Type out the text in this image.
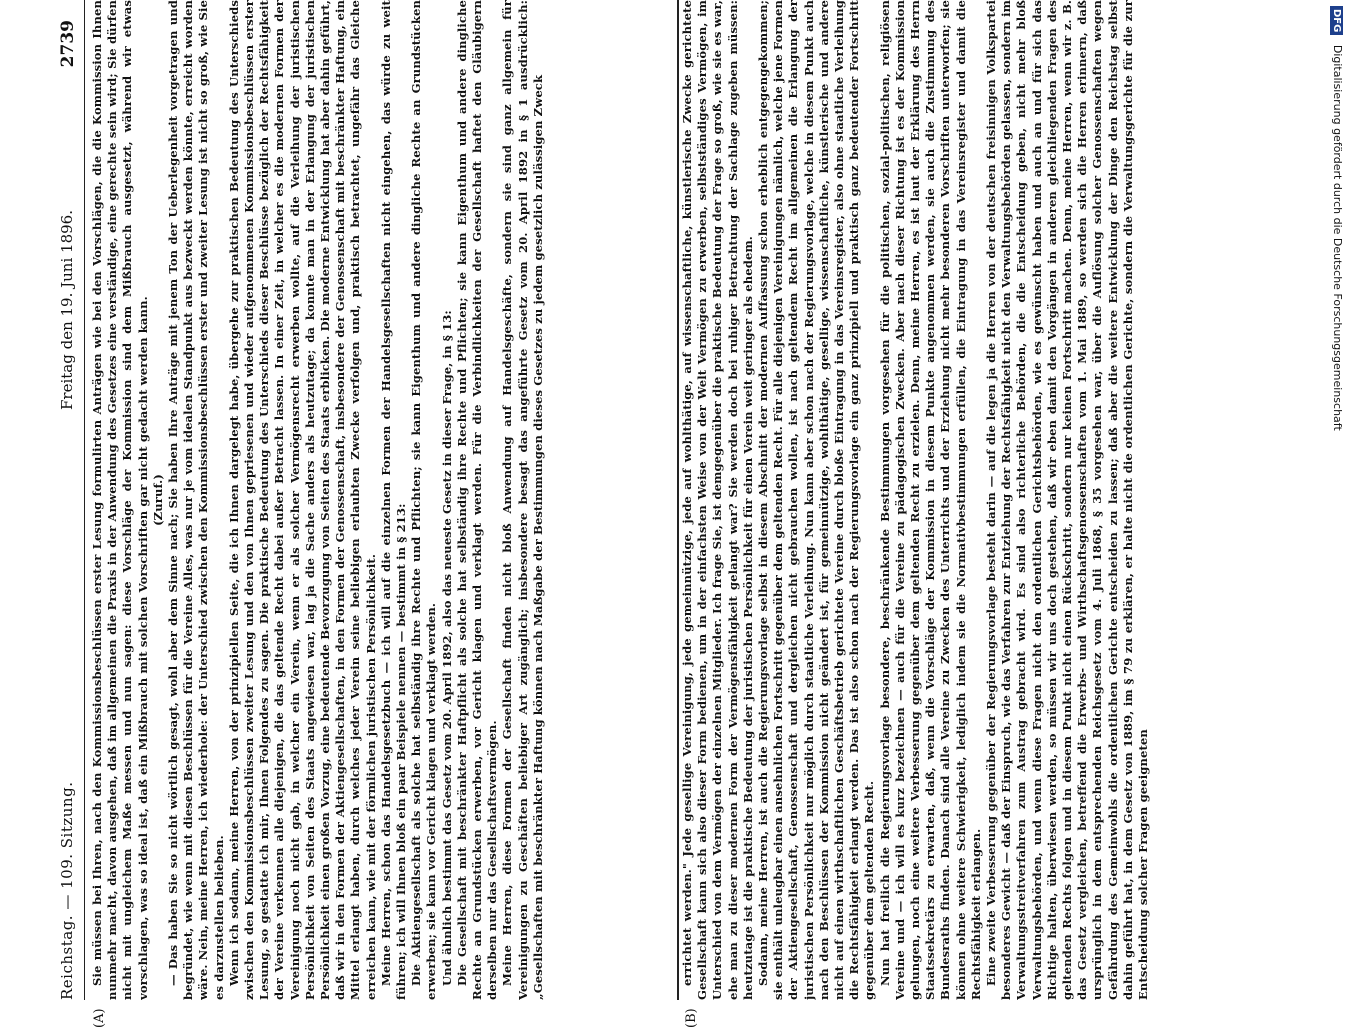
Reichstag. — 109. Sitzung.
Freitag den 19. Juni 1896.
2739 Sie müssen bei Ihren, nach den Kommissionsbeschlüssen erster Lesung formulirten Anträgen wie bei den Vorschlägen, die die Kommission Ihnen nunmehr macht, davon ausgehen, daß im allgemeinen die Praxis in der Anwendung des Gesetzes eine verständige, eine gerechte sein wird; Sie dürfen nicht mit ungleichem Maße messen und nun sagen: diese Vorschläge der Kommission sind dem Mißbrauch ausgesetzt, während wir etwas vorschlagen, was so ideal ist, daß ein Mißbrauch mit solchen Vorschriften gar nicht gedacht werden kann. (Zuruf.) — Das haben Sie so nicht wörtlich gesagt, wohl aber dem Sinne nach; Sie haben Ihre Anträge mit jenem Ton der Ueberlegenheit vorgetragen und begründet, wie wenn mit diesen Beschlüssen für die Vereine Alles, was nur je vom idealen Standpunkt aus bezweckt werden könnte, erreicht worden wäre. Nein, meine Herren, ich wiederhole: der Unterschied zwischen den Kommissionsbeschlüssen erster und zweiter Lesung ist nicht so groß, wie Sie es darzustellen belieben. Wenn ich sodann, meine Herren, von der prinzipiellen Seite, die ich Ihnen dargelegt habe, übergehe zur praktischen Bedeutung des Unterschieds zwischen den Kommissionsbeschlüssen zweiter Lesung und den von Ihnen gepriesenen und wieder aufgenommenen Kommissionsbeschlüssen erster Lesung, so gestatte ich mir, Ihnen Folgendes zu sagen. Die praktische Bedeutung des Unterschieds dieser Beschlüsse bezüglich der Rechtsfähigkeit der Vereine verkennen alle diejenigen, die das geltende Recht dabei außer Betracht lassen. In einer Zeit, in welcher es die modernen Formen der Vereinigung noch nicht gab, in welcher ein Verein, wenn er als solcher Vermögensrecht erwerben wollte, auf die Verleihung der juristischen Persönlichkeit von Seiten des Staats angewiesen war, lag ja die Sache anders als heutzutage; da konnte man in der Erlangung der juristischen Persönlichkeit einen großen Vorzug, eine bedeutende Bevorzugung von Seiten des Staats erblicken. Die moderne Entwicklung hat aber dahin geführt, daß wir in den Formen der Aktiengesellschaften, in den Formen der Genossenschaft, insbesondere der Genossenschaft mit beschränkter Haftung, ein Mittel erlangt haben, durch welches jeder Verein seine beliebigen erlaubten Zwecke verfolgen und, praktisch betrachtet, ungefähr das Gleiche erreichen kann, wie mit der förmlichen juristischen Persönlichkeit. Meine Herren, schon das Handelsgesetzbuch — ich will auf die einzelnen Formen der Handelsgesellschaften nicht eingehen, das würde zu weit führen; ich will Ihnen bloß ein paar Beispiele nennen — bestimmt in § 213: Die Aktiengesellschaft als solche hat selbständig ihre Rechte und Pflichten; sie kann Eigenthum und andere dingliche Rechte an Grundstücken erwerben; sie kann vor Gericht klagen und verklagt werden. Und ähnlich bestimmt das Gesetz vom 20. April 1892, also das neueste Gesetz in dieser Frage, in § 13: Die Gesellschaft mit beschränkter Haftpflicht als solche hat selbständig ihre Rechte und Pflichten; sie kann Eigenthum und andere dingliche Rechte an Grundstücken erwerben, vor Gericht klagen und verklagt werden. Für die Verbindlichkeiten der Gesellschaft haftet den Gläubigern derselben nur das Gesellschaftsvermögen. Meine Herren, diese Formen der Gesellschaft finden nicht bloß Anwendung auf Handelsgeschäfte, sondern sie sind ganz allgemein für Vereinigungen zu Geschäften beliebiger Art zugänglich; insbesondere besagt das angeführte Gesetz vom 20. April 1892 in § 1 ausdrücklich: „Gesellschaften mit beschränkter Haftung können nach Maßgabe der Bestimmungen dieses Gesetzes zu jedem gesetzlich zulässigen Zweck	errichtet werden." Jede gesellige Vereinigung, jede gemeinnützige, jede auf wohlthätige, auf wissenschaftliche, künstlerische Zwecke gerichtete Gesellschaft kann sich also dieser Form bedienen, um in der einfachsten Weise von der Welt Vermögen zu erwerben, selbstständiges Vermögen, im Unterschied von dem Vermögen der einzelnen Mitglieder. Ich frage Sie, ist demgegenüber die praktische Bedeutung der Frage so groß, wie sie es war, ehe man zu dieser modernen Form der Vermögensfähigkeit gelangt war? Sie werden doch bei ruhiger Betrachtung der Sachlage zugeben müssen: heutzutage ist die praktische Bedeutung der juristischen Persönlichkeit für einen Verein weit geringer als ehedem. Sodann, meine Herren, ist auch die Regierungsvorlage selbst in diesem Abschnitt der modernen Auffassung schon erheblich entgegengekommen; sie enthält unleugbar einen ansehnlichen Fortschritt gegenüber dem geltenden Recht. Für alle diejenigen Vereinigungen nämlich, welche jene Formen der Aktiengesellschaft, Genossenschaft und dergleichen nicht gebrauchen wollen, ist nach geltendem Recht im allgemeinen die Erlangung der juristischen Persönlichkeit nur möglich durch staatliche Verleihung. Nun kann aber schon nach der Regierungsvorlage, welche in diesem Punkt auch nach den Beschlüssen der Kommission nicht geändert ist, für gemeinnützige, wohlthätige, gesellige, wissenschaftliche, künstlerische und andere nicht auf einen wirthschaftlichen Geschäftsbetrieb gerichtete Vereine durch bloße Eintragung in das Vereinsregister, also ohne staatliche Verleihung die Rechtsfähigkeit erlangt werden. Das ist also schon nach der Regierungsvorlage ein ganz prinzipiell und praktisch ganz bedeutender Fortschritt gegenüber dem geltenden Recht. Nun hat freilich die Regierungsvorlage besondere, beschränkende Bestimmungen vorgesehen für die politischen, sozial-politischen, religiösen Vereine und — ich will es kurz bezeichnen — auch für die Vereine zu pädagogischen Zwecken. Aber nach dieser Richtung ist es der Kommission gelungen, noch eine weitere Verbesserung gegenüber dem geltenden Recht zu erzielen. Denn, meine Herren, es ist laut der Erklärung des Herrn Staatssekretärs zu erwarten, daß, wenn die Vorschläge der Kommission in diesem Punkte angenommen werden, sie auch die Zustimmung des Bundesraths finden. Danach sind alle Vereine zu Zwecken des Unterrichts und der Erziehung nicht mehr besonderen Vorschriften unterworfen; sie können ohne weitere Schwierigkeit, lediglich indem sie die Normativbestimmungen erfüllen, die Eintragung in das Vereinsregister und damit die Rechtsfähigkeit erlangen. Eine zweite Verbesserung gegenüber der Regierungsvorlage besteht darin — auf die legen ja die Herren von der deutschen freisinnigen Volkspartei besonderes Gewicht — daß der Einspruch, wie das Verfahren zur Entziehung der Rechtsfähigkeit nicht den Verwaltungsbehörden gelassen, sondern im Verwaltungsstreitverfahren zum Austrag gebracht wird. Es sind also richterliche Behörden, die die Entscheidung geben, nicht mehr bloß Verwaltungsbehörden, und wenn diese Fragen nicht den ordentlichen Gerichtsbehörden, wie es gewünscht haben und auch an und für sich das Richtige halten, überwiesen werden, so müssen wir uns doch gestehen, daß wir eben damit den Vorgängen in anderen gleichliegenden Fragen des geltenden Rechts folgen und in diesem Punkt nicht einen Rückschritt, sondern nur keinen Fortschritt machen. Denn, meine Herren, wenn wir z. B. das Gesetz vergleichen, betreffend die Erwerbs- und Wirthschaftsgenossenschaften vom 1. Mai 1889, so werden sich die Herren erinnern, daß ursprünglich in dem entsprechenden Reichsgesetz vom 4. Juli 1868, § 35 vorgesehen war, über die Auflösung solcher Genossenschaften wegen Gefährdung des Gemeinwohls die ordentlichen Gerichte entscheiden zu lassen; daß aber die weitere Entwicklung der Dinge den Reichstag selbst dahin geführt hat, in dem Gesetz von 1889, im § 79 zu erklären, er halte nicht die ordentlichen Gerichte, sondern die Verwaltungsgerichte für die zur Entscheidung solcher Fragen geeigneten

(A)	(B)
DFG Digitalisierung gefördert durch die Deutsche Forschungsgemeinschaft
